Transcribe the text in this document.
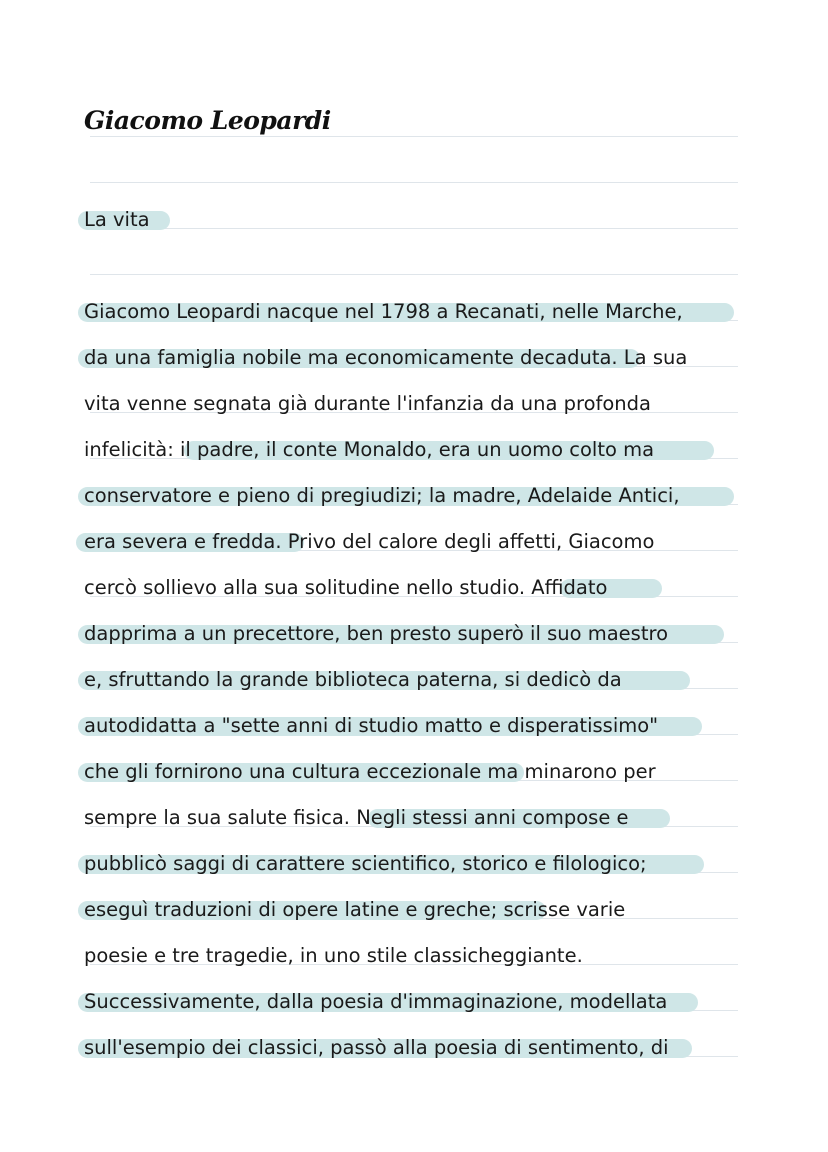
Giacomo Leopardi
La vita
Giacomo Leopardi nacque nel 1798 a Recanati, nelle Marche,
da una famiglia nobile ma economicamente decaduta. La sua
vita venne segnata già durante l'infanzia da una profonda
infelicità: il padre, il conte Monaldo, era un uomo colto ma
conservatore e pieno di pregiudizi; la madre, Adelaide Antici,
era severa e fredda. Privo del calore degli affetti, Giacomo
cercò sollievo alla sua solitudine nello studio. Affidato
dapprima a un precettore, ben presto superò il suo maestro
e, sfruttando la grande biblioteca paterna, si dedicò da
autodidatta a "sette anni di studio matto e disperatissimo"
che gli fornirono una cultura eccezionale ma minarono per
sempre la sua salute fisica. Negli stessi anni compose e
pubblicò saggi di carattere scientifico, storico e filologico;
eseguì traduzioni di opere latine e greche; scrisse varie
poesie e tre tragedie, in uno stile classicheggiante.
Successivamente, dalla poesia d'immaginazione, modellata
sull'esempio dei classici, passò alla poesia di sentimento, di
